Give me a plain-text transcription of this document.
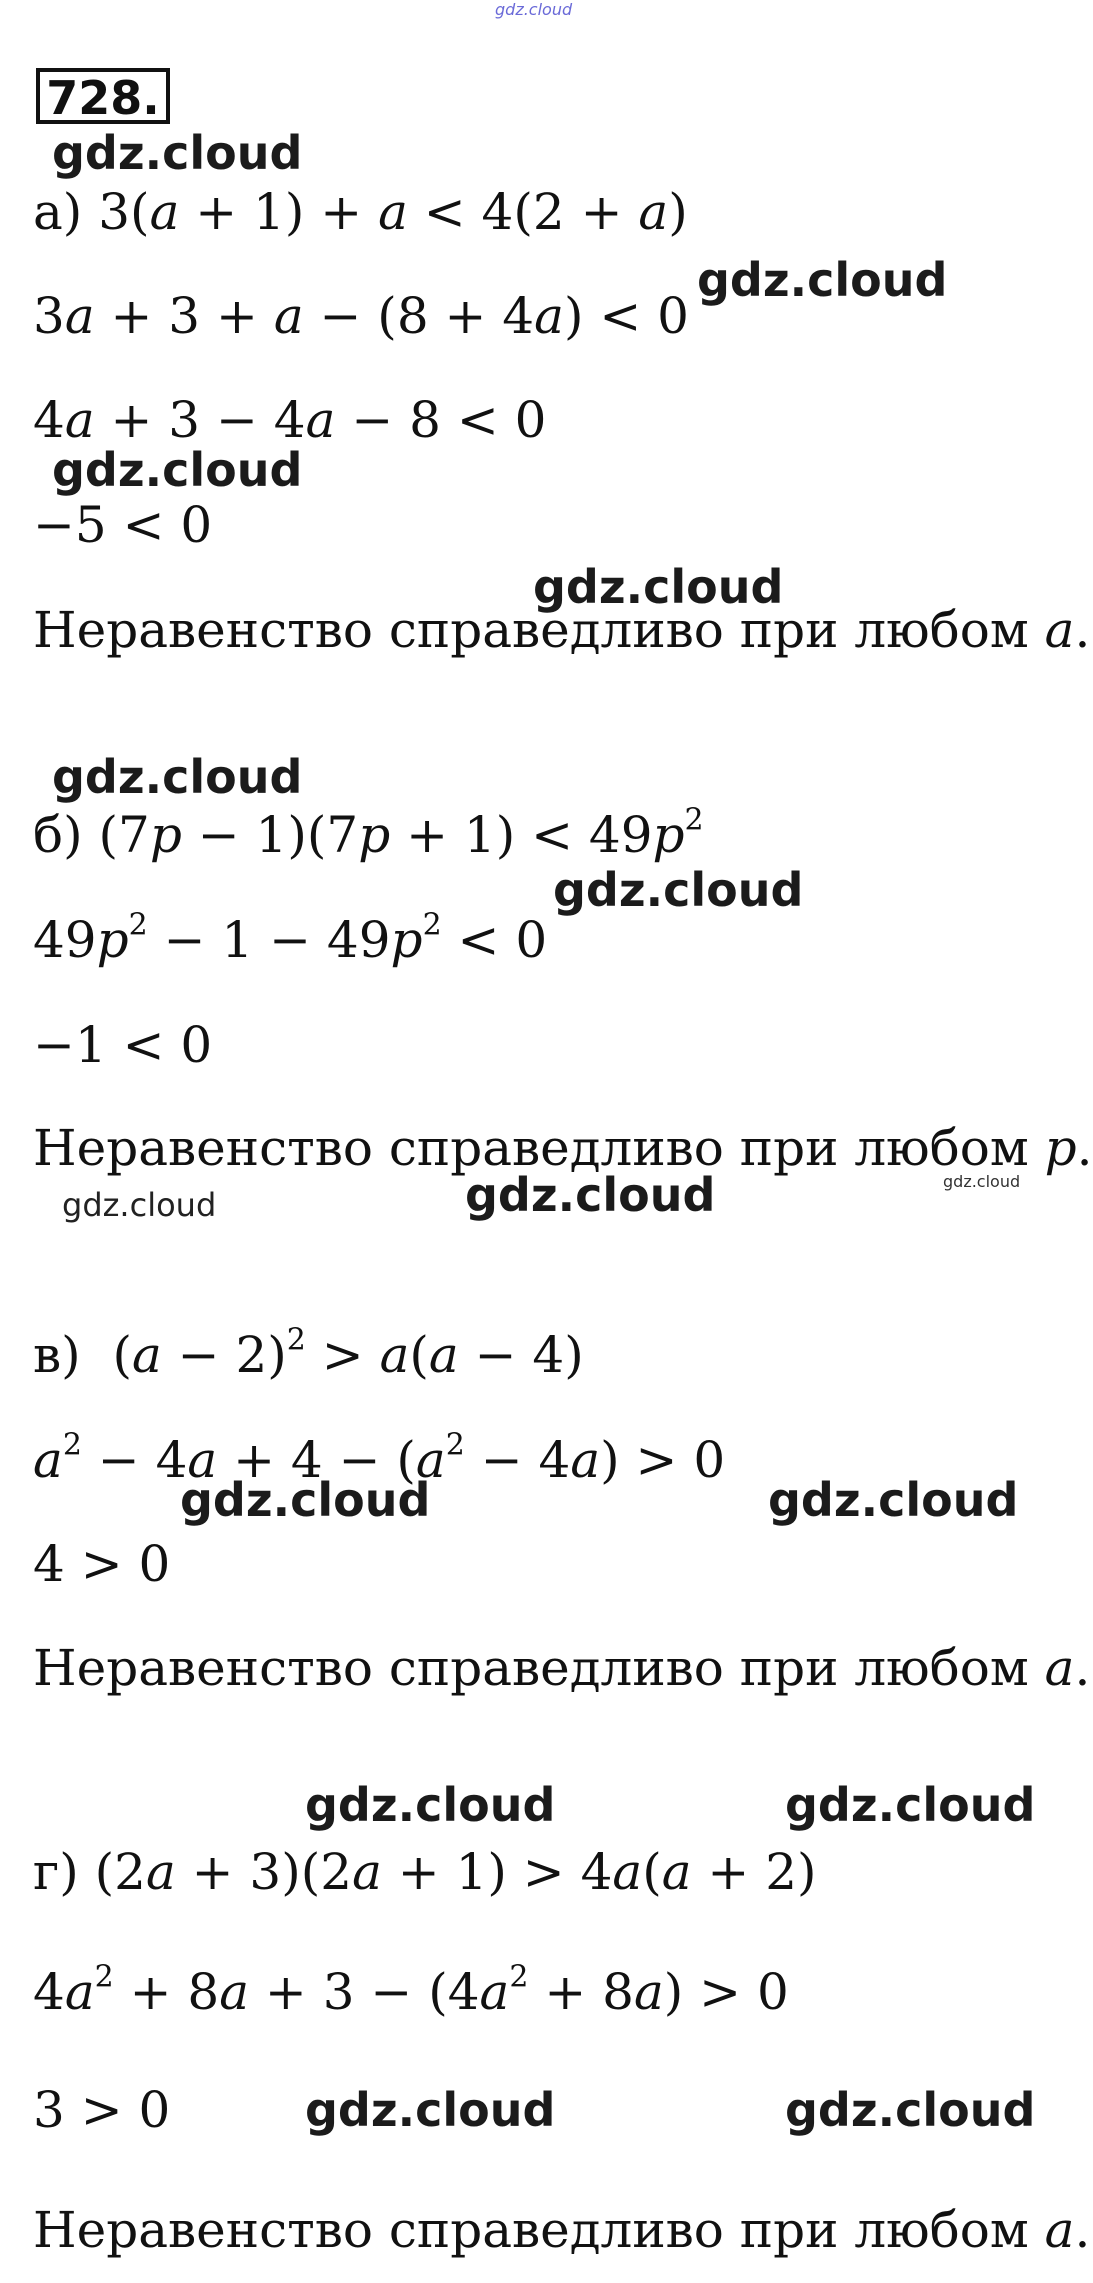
gdz.cloud
728.
gdz.cloud
gdz.cloud
gdz.cloud
gdz.cloud
gdz.cloud
gdz.cloud
gdz.cloud	gdz.cloud	gdz.cloud
gdz.cloud	gdz.cloud
gdz.cloud	gdz.cloud
gdz.cloud	gdz.cloud
а) 3(a + 1) + a < 4(2 + a)
3a + 3 + a − (8 + 4a) < 0
4a + 3 − 4a − 8 < 0
−5 < 0
Неравенство справедливо при любом a.
б) $(7p - 1)(7p + 1) < 49p^2$
$49p^2 - 1 - 49p^2 < 0$
−1 < 0
Неравенство справедливо при любом p.
в)  $(a - 2)^2 > a(a - 4)$
$a^2 - 4a + 4 - (a^2 - 4a) > 0$
4 > 0
Неравенство справедливо при любом a.
г) (2a + 3)(2a + 1) > 4a(a + 2)
$4a^2 + 8a + 3 - (4a^2 + 8a) > 0$
3 > 0
Неравенство справедливо при любом a.
